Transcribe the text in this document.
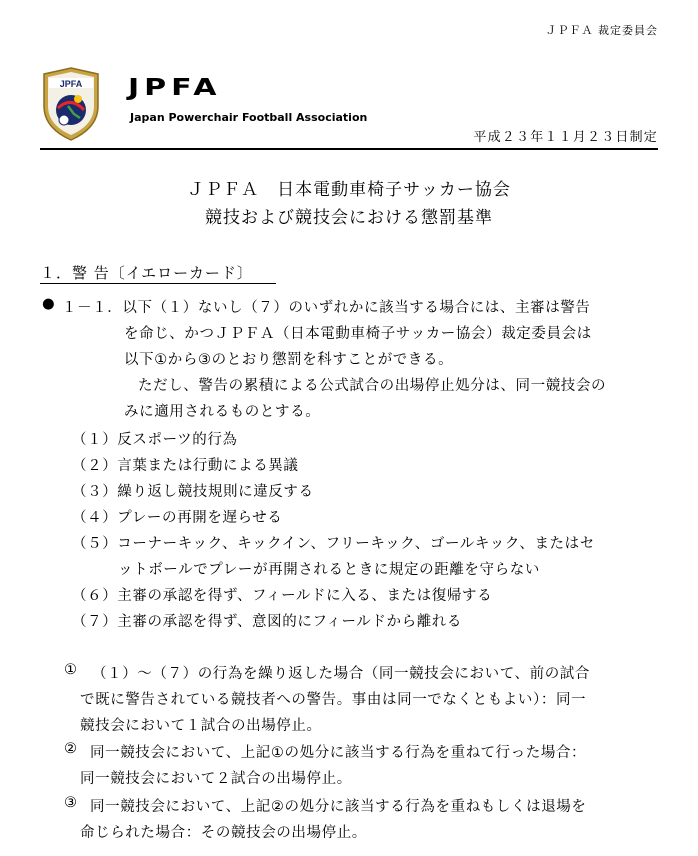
ＪＰＦＡ 裁定委員会
JPFA JPFA
Japan Powerchair Football Association
平成２３年１１月２３日制定
ＪＰＦＡ　日本電動車椅子サッカー協会
競技および競技会における懲罰基準
１．警 告〔イエローカード〕
● １－１．以下（１）ないし（７）のいずれかに該当する場合には、主審は警告
を命じ、かつＪＰＦＡ（日本電動車椅子サッカー協会）裁定委員会は
以下①から③のとおり懲罰を科すことができる。
ただし、警告の累積による公式試合の出場停止処分は、同一競技会の
みに適用されるものとする。
（１）反スポーツ的行為
（２）言葉または行動による異議
（３）繰り返し競技規則に違反する
（４）プレーの再開を遅らせる
（５）コーナーキック、キックイン、フリーキック、ゴールキック、またはセ
ットボールでプレーが再開されるときに規定の距離を守らない
（６）主審の承認を得ず、フィールドに入る、または復帰する
（７）主審の承認を得ず、意図的にフィールドから離れる
① （１）～（７）の行為を繰り返した場合（同一競技会において、前の試合
で既に警告されている競技者への警告。事由は同一でなくともよい）：同一
競技会において１試合の出場停止。
② 同一競技会において、上記①の処分に該当する行為を重ねて行った場合：
同一競技会において２試合の出場停止。
③ 同一競技会において、上記②の処分に該当する行為を重ねもしくは退場を
命じられた場合：その競技会の出場停止。
